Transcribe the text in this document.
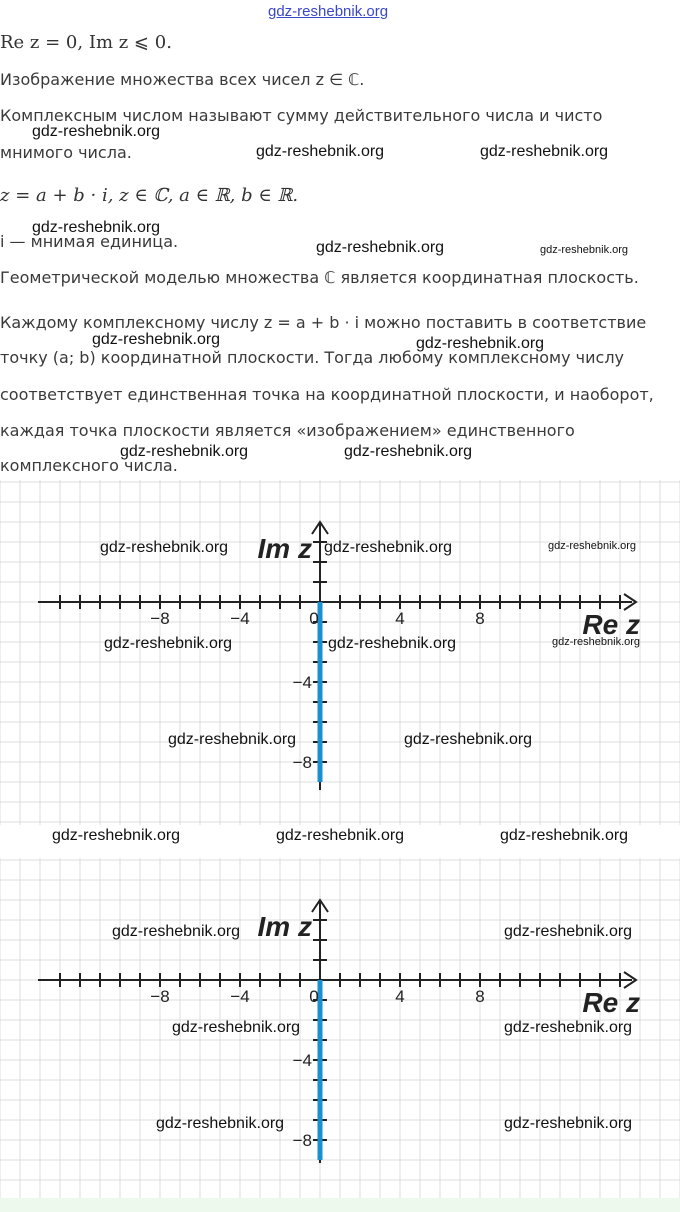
gdz-reshebnik.org
Re z = 0, Im z ⩽ 0.
Изображение множества всех чисел z ∈ ℂ.
Комплексным числом называют сумму действительного числа и чисто
мнимого числа.
z = a + b · i, z ∈ ℂ, a ∈ ℝ, b ∈ ℝ.
i — мнимая единица.
Геометрической моделью множества ℂ является координатная плоскость.
Каждому комплексному числу z = a + b · i можно поставить в соответствие
точку (a; b) координатной плоскости. Тогда любому комплексному числу
соответствует единственная точка на координатной плоскости, и наоборот,
каждая точка плоскости является «изображением» единственного
комплексного числа.
−8	−4	0	4	8
−4
−8
Im z
Re z
−8	−4	0	4	8
−4
−8
Im z
Re z
gdz-reshebnik.org
gdz-reshebnik.org	gdz-reshebnik.org
gdz-reshebnik.org
gdz-reshebnik.org	gdz-reshebnik.org
gdz-reshebnik.org	gdz-reshebnik.org
gdz-reshebnik.org	gdz-reshebnik.org
gdz-reshebnik.org	gdz-reshebnik.org	gdz-reshebnik.org
gdz-reshebnik.org	gdz-reshebnik.org	gdz-reshebnik.org
gdz-reshebnik.org	gdz-reshebnik.org
gdz-reshebnik.org	gdz-reshebnik.org	gdz-reshebnik.org
gdz-reshebnik.org	gdz-reshebnik.org
gdz-reshebnik.org	gdz-reshebnik.org
gdz-reshebnik.org	gdz-reshebnik.org
